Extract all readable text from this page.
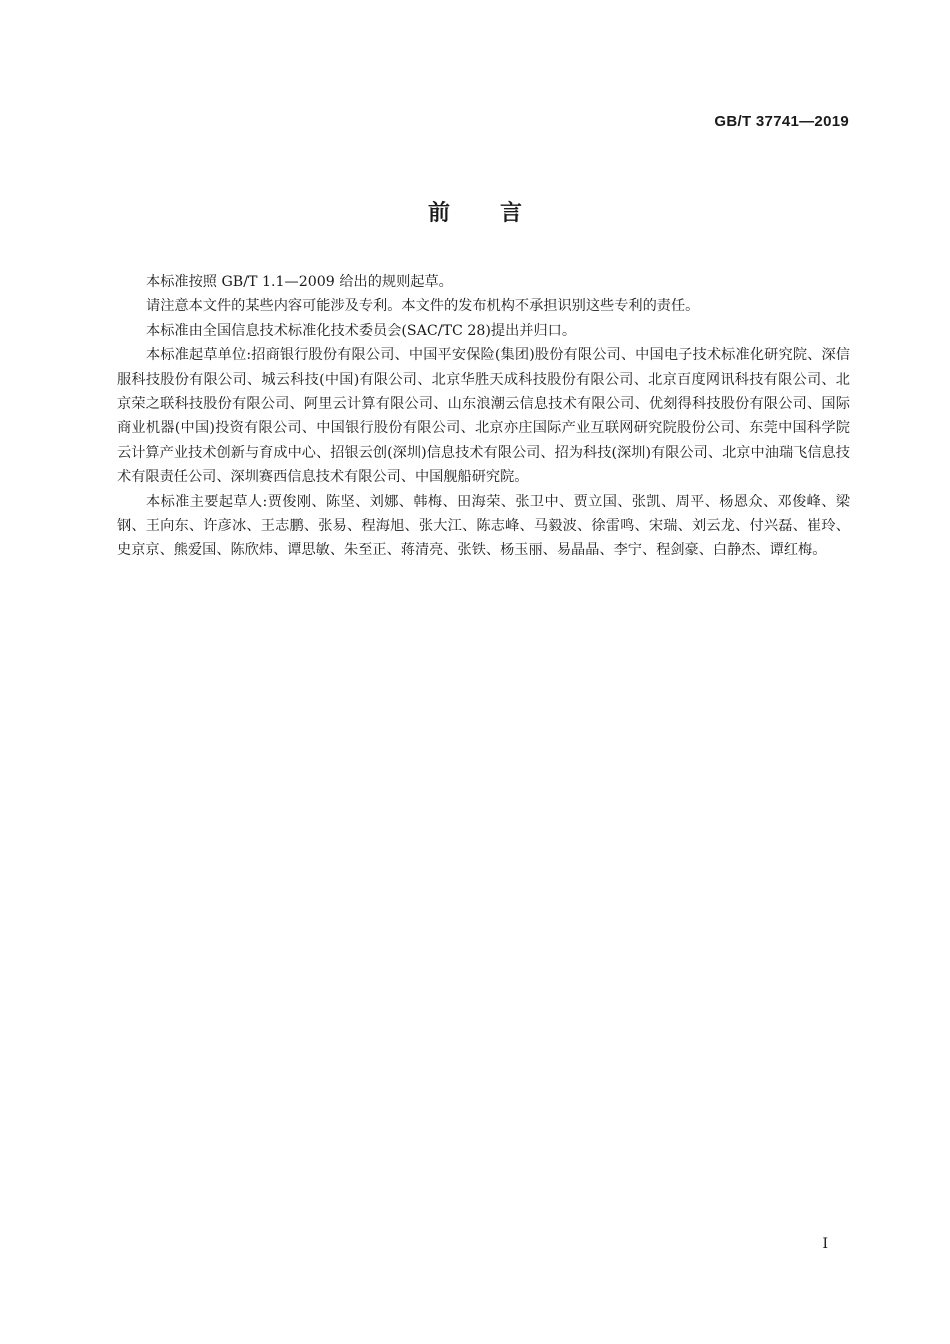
GB/T 37741—2019
前言

本标准按照 GB/T 1.1—2009 给出的规则起草。

请注意本文件的某些内容可能涉及专利。本文件的发布机构不承担识别这些专利的责任。

本标准由全国信息技术标准化技术委员会(SAC/TC 28)提出并归口。

本标准起草单位:招商银行股份有限公司、中国平安保险(集团)股份有限公司、中国电子技术标准化研究院、深信服科技股份有限公司、城云科技(中国)有限公司、北京华胜天成科技股份有限公司、北京百度网讯科技有限公司、北京荣之联科技股份有限公司、阿里云计算有限公司、山东浪潮云信息技术有限公司、优刻得科技股份有限公司、国际商业机器(中国)投资有限公司、中国银行股份有限公司、北京亦庄国际产业互联网研究院股份公司、东莞中国科学院云计算产业技术创新与育成中心、招银云创(深圳)信息技术有限公司、招为科技(深圳)有限公司、北京中油瑞飞信息技术有限责任公司、深圳赛西信息技术有限公司、中国舰船研究院。

本标准主要起草人:贾俊刚、陈坚、刘娜、韩梅、田海荣、张卫中、贾立国、张凯、周平、杨恩众、邓俊峰、梁钢、王向东、许彦冰、王志鹏、张易、程海旭、张大江、陈志峰、马毅波、徐雷鸣、宋瑞、刘云龙、付兴磊、崔玲、史京京、熊爱国、陈欣炜、谭思敏、朱至正、蒋清亮、张铁、杨玉丽、易晶晶、李宁、程剑豪、白静杰、谭红梅。

I
